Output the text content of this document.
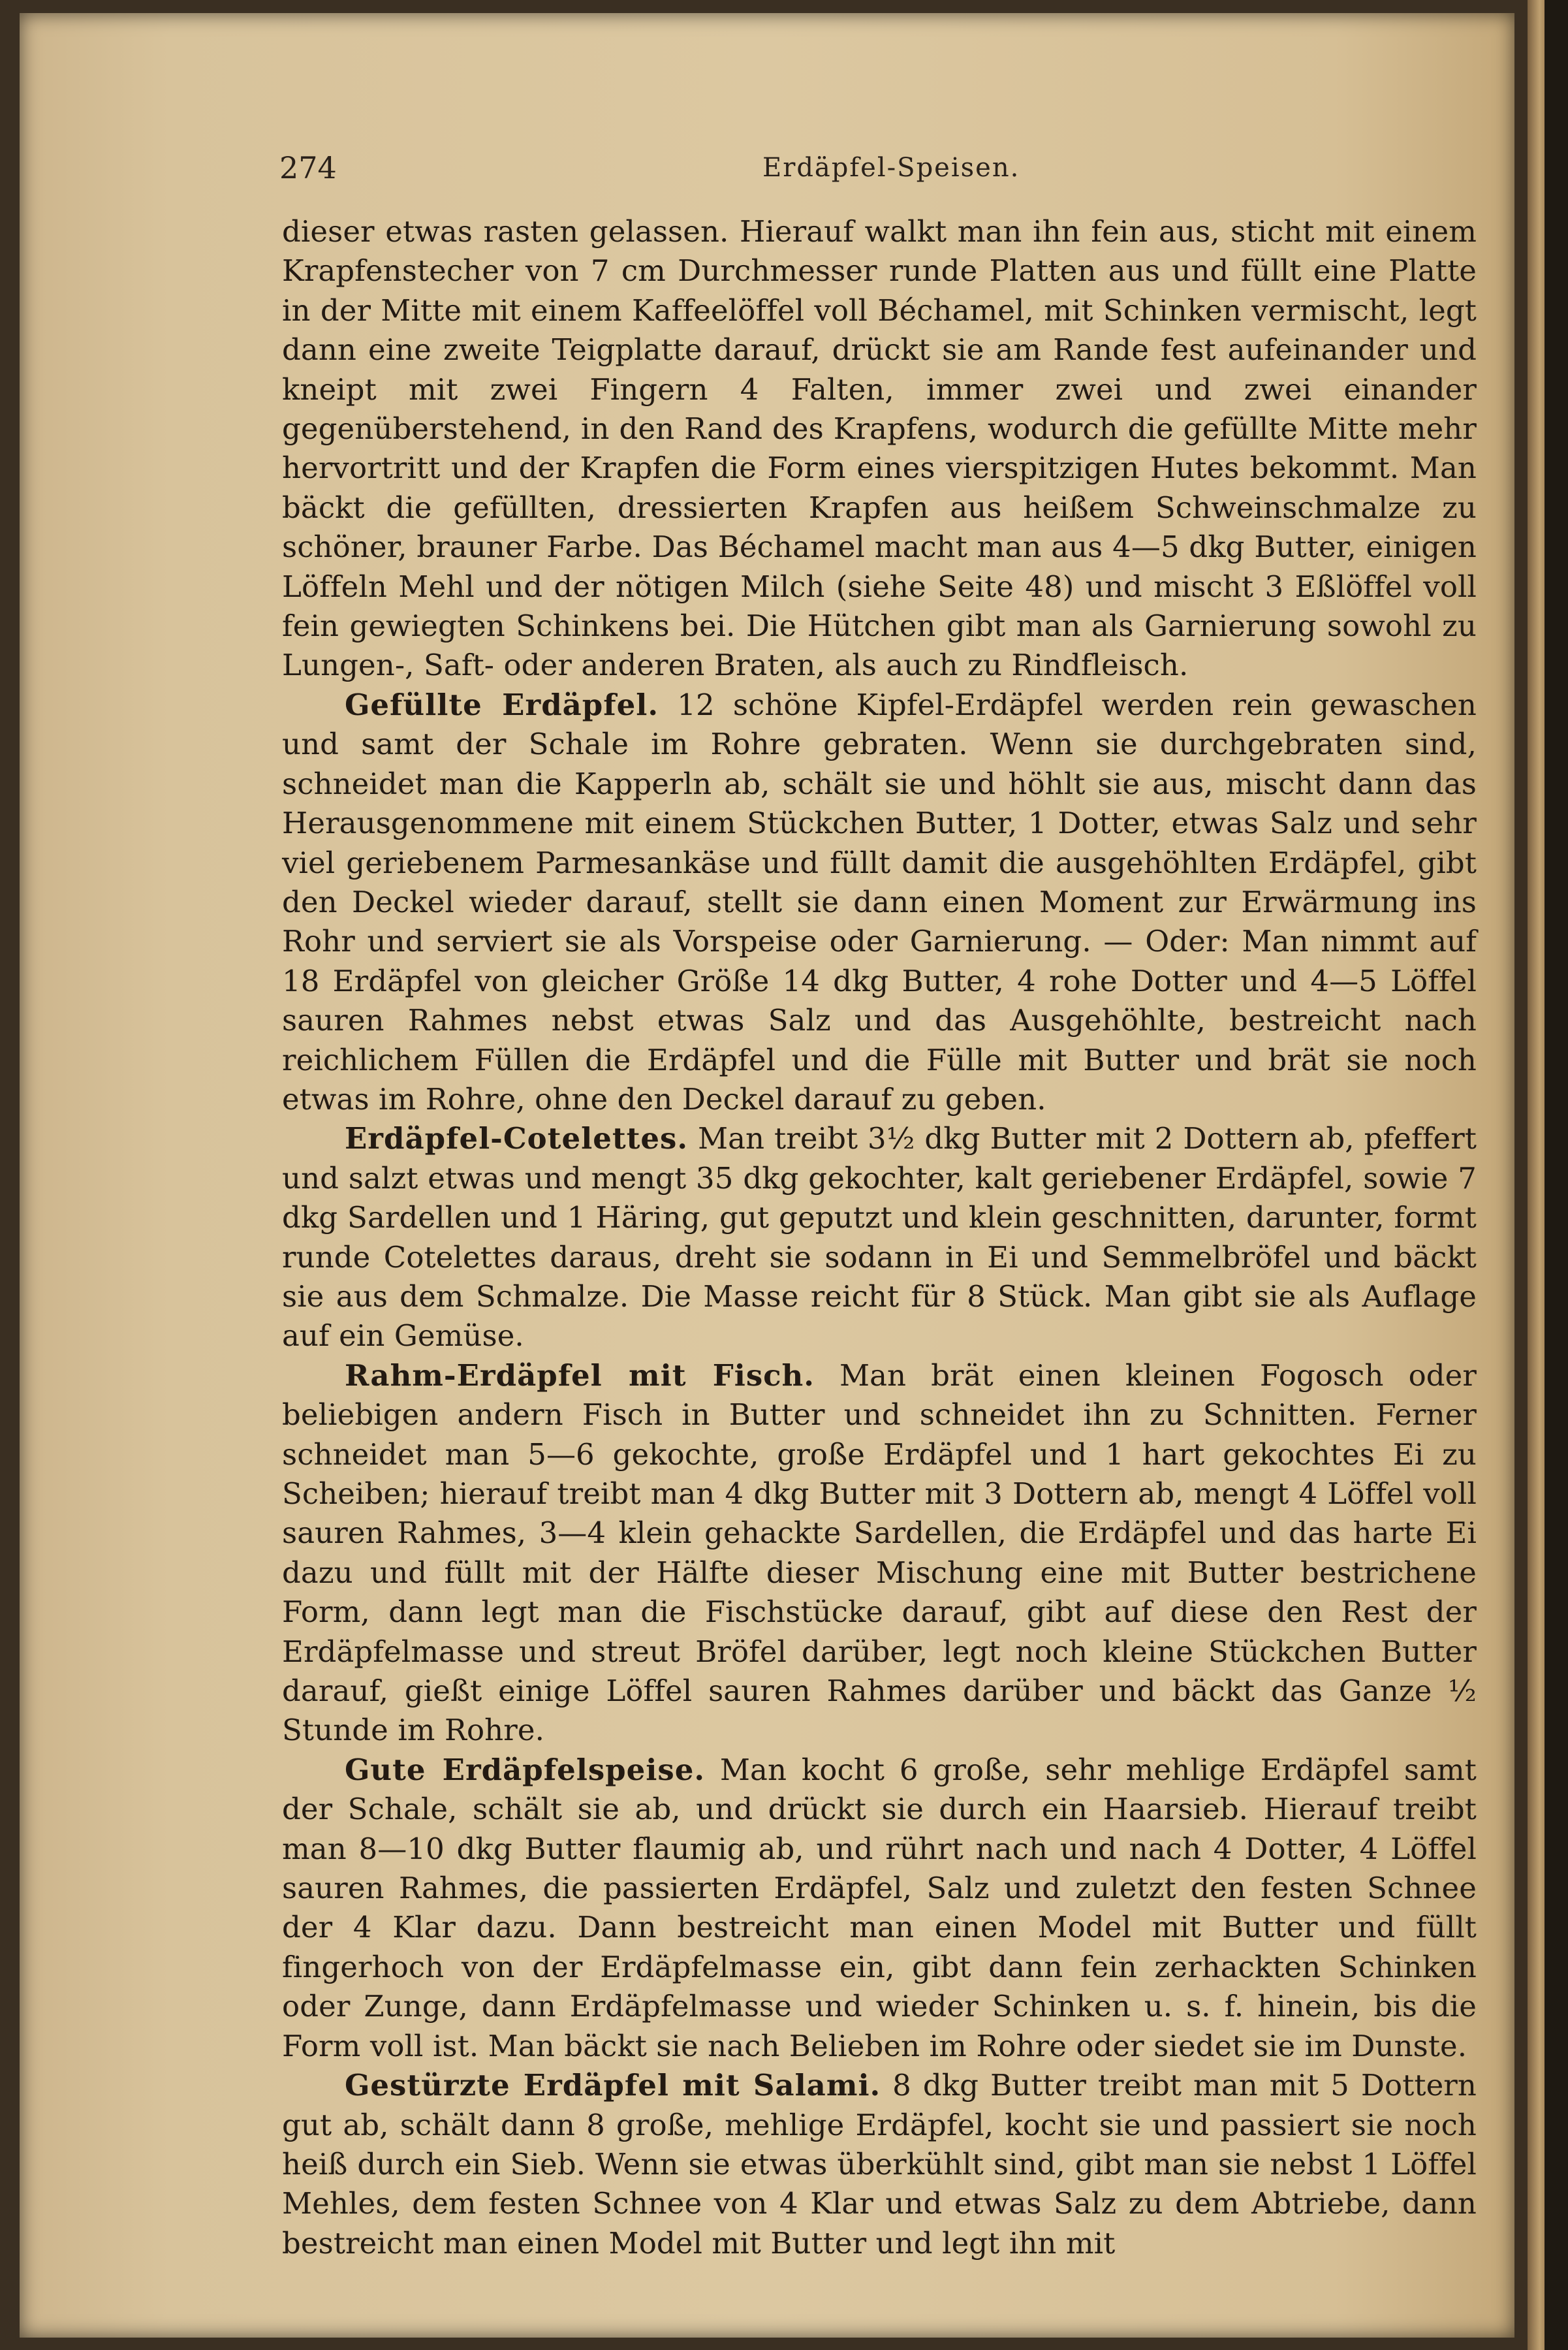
274	Erdäpfel-Speisen.

dieser etwas rasten gelassen. Hierauf walkt man ihn fein aus, sticht mit einem Krapfenstecher von 7 cm Durchmesser runde Platten aus und füllt eine Platte in der Mitte mit einem Kaffeelöffel voll Béchamel, mit Schinken vermischt, legt dann eine zweite Teigplatte darauf, drückt sie am Rande fest aufeinander und kneipt mit zwei Fingern 4 Falten, immer zwei und zwei einander gegenüberstehend, in den Rand des Krapfens, wodurch die gefüllte Mitte mehr hervortritt und der Krapfen die Form eines vierspitzigen Hutes bekommt. Man bäckt die gefüllten, dressierten Krapfen aus heißem Schweinschmalze zu schöner, brauner Farbe. Das Béchamel macht man aus 4—5 dkg Butter, einigen Löffeln Mehl und der nötigen Milch (siehe Seite 48) und mischt 3 Eßlöffel voll fein gewiegten Schinkens bei. Die Hütchen gibt man als Garnierung sowohl zu Lungen-, Saft- oder anderen Braten, als auch zu Rindfleisch.

Gefüllte Erdäpfel. 12 schöne Kipfel-Erdäpfel werden rein gewaschen und samt der Schale im Rohre gebraten. Wenn sie durchgebraten sind, schneidet man die Kapperln ab, schält sie und höhlt sie aus, mischt dann das Herausgenommene mit einem Stückchen Butter, 1 Dotter, etwas Salz und sehr viel geriebenem Parmesankäse und füllt damit die ausgehöhlten Erdäpfel, gibt den Deckel wieder darauf, stellt sie dann einen Moment zur Erwärmung ins Rohr und serviert sie als Vorspeise oder Garnierung. — Oder: Man nimmt auf 18 Erdäpfel von gleicher Größe 14 dkg Butter, 4 rohe Dotter und 4—5 Löffel sauren Rahmes nebst etwas Salz und das Ausgehöhlte, bestreicht nach reichlichem Füllen die Erdäpfel und die Fülle mit Butter und brät sie noch etwas im Rohre, ohne den Deckel darauf zu geben.

Erdäpfel-Cotelettes. Man treibt 3½ dkg Butter mit 2 Dottern ab, pfeffert und salzt etwas und mengt 35 dkg gekochter, kalt geriebener Erdäpfel, sowie 7 dkg Sardellen und 1 Häring, gut geputzt und klein geschnitten, darunter, formt runde Cotelettes daraus, dreht sie sodann in Ei und Semmelbröfel und bäckt sie aus dem Schmalze. Die Masse reicht für 8 Stück. Man gibt sie als Auflage auf ein Gemüse.

Rahm-Erdäpfel mit Fisch. Man brät einen kleinen Fogosch oder beliebigen andern Fisch in Butter und schneidet ihn zu Schnitten. Ferner schneidet man 5—6 gekochte, große Erdäpfel und 1 hart gekochtes Ei zu Scheiben; hierauf treibt man 4 dkg Butter mit 3 Dottern ab, mengt 4 Löffel voll sauren Rahmes, 3—4 klein gehackte Sardellen, die Erdäpfel und das harte Ei dazu und füllt mit der Hälfte dieser Mischung eine mit Butter bestrichene Form, dann legt man die Fischstücke darauf, gibt auf diese den Rest der Erdäpfelmasse und streut Bröfel darüber, legt noch kleine Stückchen Butter darauf, gießt einige Löffel sauren Rahmes darüber und bäckt das Ganze ½ Stunde im Rohre.

Gute Erdäpfelspeise. Man kocht 6 große, sehr mehlige Erdäpfel samt der Schale, schält sie ab, und drückt sie durch ein Haarsieb. Hierauf treibt man 8—10 dkg Butter flaumig ab, und rührt nach und nach 4 Dotter, 4 Löffel sauren Rahmes, die passierten Erdäpfel, Salz und zuletzt den festen Schnee der 4 Klar dazu. Dann bestreicht man einen Model mit Butter und füllt fingerhoch von der Erdäpfelmasse ein, gibt dann fein zerhackten Schinken oder Zunge, dann Erdäpfelmasse und wieder Schinken u. s. f. hinein, bis die Form voll ist. Man bäckt sie nach Belieben im Rohre oder siedet sie im Dunste.

Gestürzte Erdäpfel mit Salami. 8 dkg Butter treibt man mit 5 Dottern gut ab, schält dann 8 große, mehlige Erdäpfel, kocht sie und passiert sie noch heiß durch ein Sieb. Wenn sie etwas überkühlt sind, gibt man sie nebst 1 Löffel Mehles, dem festen Schnee von 4 Klar und etwas Salz zu dem Abtriebe, dann bestreicht man einen Model mit Butter und legt ihn mit
